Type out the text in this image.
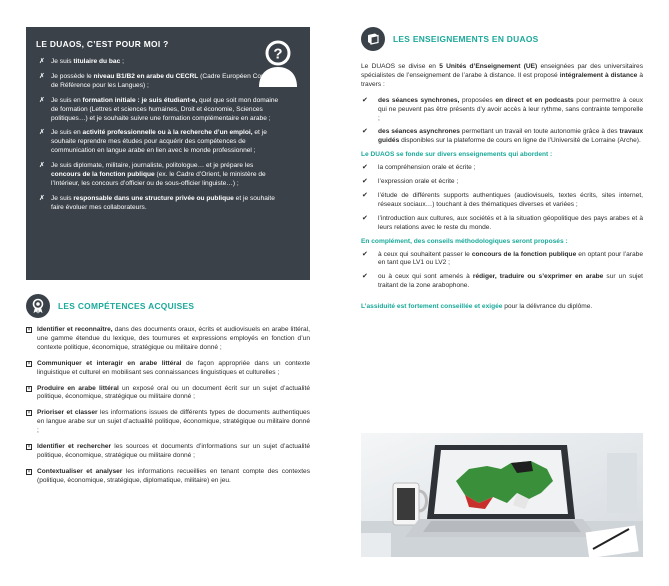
LE DUAOS, C’EST POUR MOI ?
?
✗ Je suis titulaire du bac ;
✗ Je possède le niveau B1/B2 en arabe du CECRL (Cadre Européen Commun de Référence pour les Langues) ;
✗ Je suis en formation initiale : je suis étudiant-e, quel que soit mon domaine de formation (Lettres et sciences humaines, Droit et économie, Sciences politiques…) et je souhaite suivre une formation complémentaire en arabe ;
✗ Je suis en activité professionnelle ou à la recherche d’un emploi, et je souhaite reprendre mes études pour acquérir des compétences de communication en langue arabe en lien avec le monde professionnel ;
✗ Je suis diplomate, militaire, journaliste, politologue… et je prépare les concours de la fonction publique (ex. le Cadre d’Orient, le ministère de l’Intérieur, les concours d’officier ou de sous-officier linguiste…) ;
✗ Je suis responsable dans une structure privée ou publique et je souhaite faire évoluer mes collaborateurs.
LES COMPÉTENCES ACQUISES
× Identifier et reconnaître, dans des documents oraux, écrits et audiovisuels en arabe littéral, une gamme étendue du lexique, des tournures et expressions employés en fonction d’un contexte politique, économique, stratégique ou militaire donné ;
× Communiquer et interagir en arabe littéral de façon appropriée dans un contexte linguistique et culturel en mobilisant ses connaissances linguistiques et culturelles ;
× Produire en arabe littéral un exposé oral ou un document écrit sur un sujet d’actualité politique, économique, stratégique ou militaire donné ;
× Prioriser et classer les informations issues de différents types de documents authentiques en langue arabe sur un sujet d’actualité politique, économique, stratégique ou militaire donné ;
× Identifier et rechercher les sources et documents d’informations sur un sujet d’actualité politique, économique, stratégique ou militaire donné ;
× Contextualiser et analyser les informations recueillies en tenant compte des contextes (politique, économique, stratégique, diplomatique, militaire) en jeu.
LES ENSEIGNEMENTS EN DUAOS

Le DUAOS se divise en 5 Unités d’Enseignement (UE) enseignées par des universitaires spécialistes de l’enseignement de l’arabe à distance. Il est proposé intégralement à distance à travers :

✔ des séances synchrones, proposées en direct et en podcasts pour permettre à ceux qui ne peuvent pas être présents d’y avoir accès à leur rythme, sans contrainte temporelle ;
✔ des séances asynchrones permettant un travail en toute autonomie grâce à des travaux guidés disponibles sur la plateforme de cours en ligne de l’Université de Lorraine (Arche).
Le DUAOS se fonde sur divers enseignements qui abordent :
✔ la compréhension orale et écrite ;
✔ l’expression orale et écrite ;
✔ l’étude de différents supports authentiques (audiovisuels, textes écrits, sites internet, réseaux sociaux…) touchant à des thématiques diverses et variées ;
✔ l’introduction aux cultures, aux sociétés et à la situation géopolitique des pays arabes et à leurs relations avec le reste du monde.
En complément, des conseils méthodologiques seront proposés :
✔ à ceux qui souhaitent passer le concours de la fonction publique en optant pour l’arabe en tant que LV1 ou LV2 ;
✔ ou à ceux qui sont amenés à rédiger, traduire ou s’exprimer en arabe sur un sujet traitant de la zone arabophone.
L’assiduité est fortement conseillée et exigée pour la délivrance du diplôme.
